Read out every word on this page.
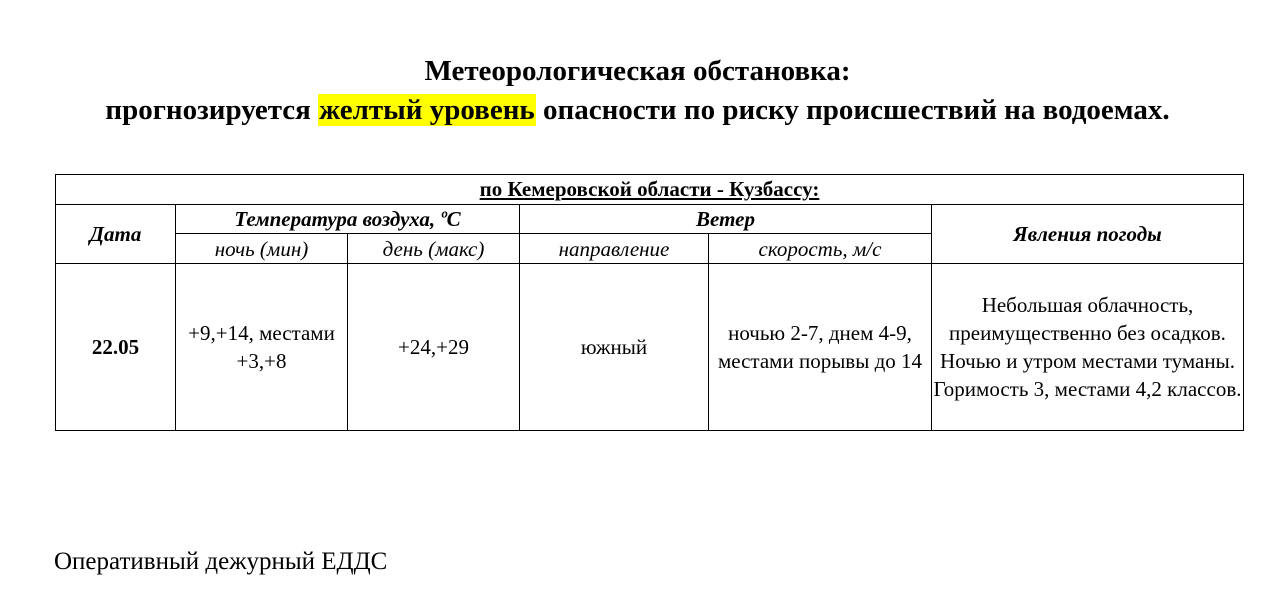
Метеорологическая обстановка:
прогнозируется желтый уровень опасности по риску происшествий на водоемах.
по Кемеровской области - Кузбассу:					
Дата	Температура воздуха, ºС		Ветер		Явления погоды
	ночь (мин)	день (макс)	направление	скорость, м/с	
22.05	+9,+14, местами +3,+8	+24,+29	южный	ночью 2-7, днем 4-9, местами порывы до 14	Небольшая облачность, преимущественно без осадков. Ночью и утром местами туманы.
Горимость 3, местами 4,2 классов.
Оперативный дежурный ЕДДС
